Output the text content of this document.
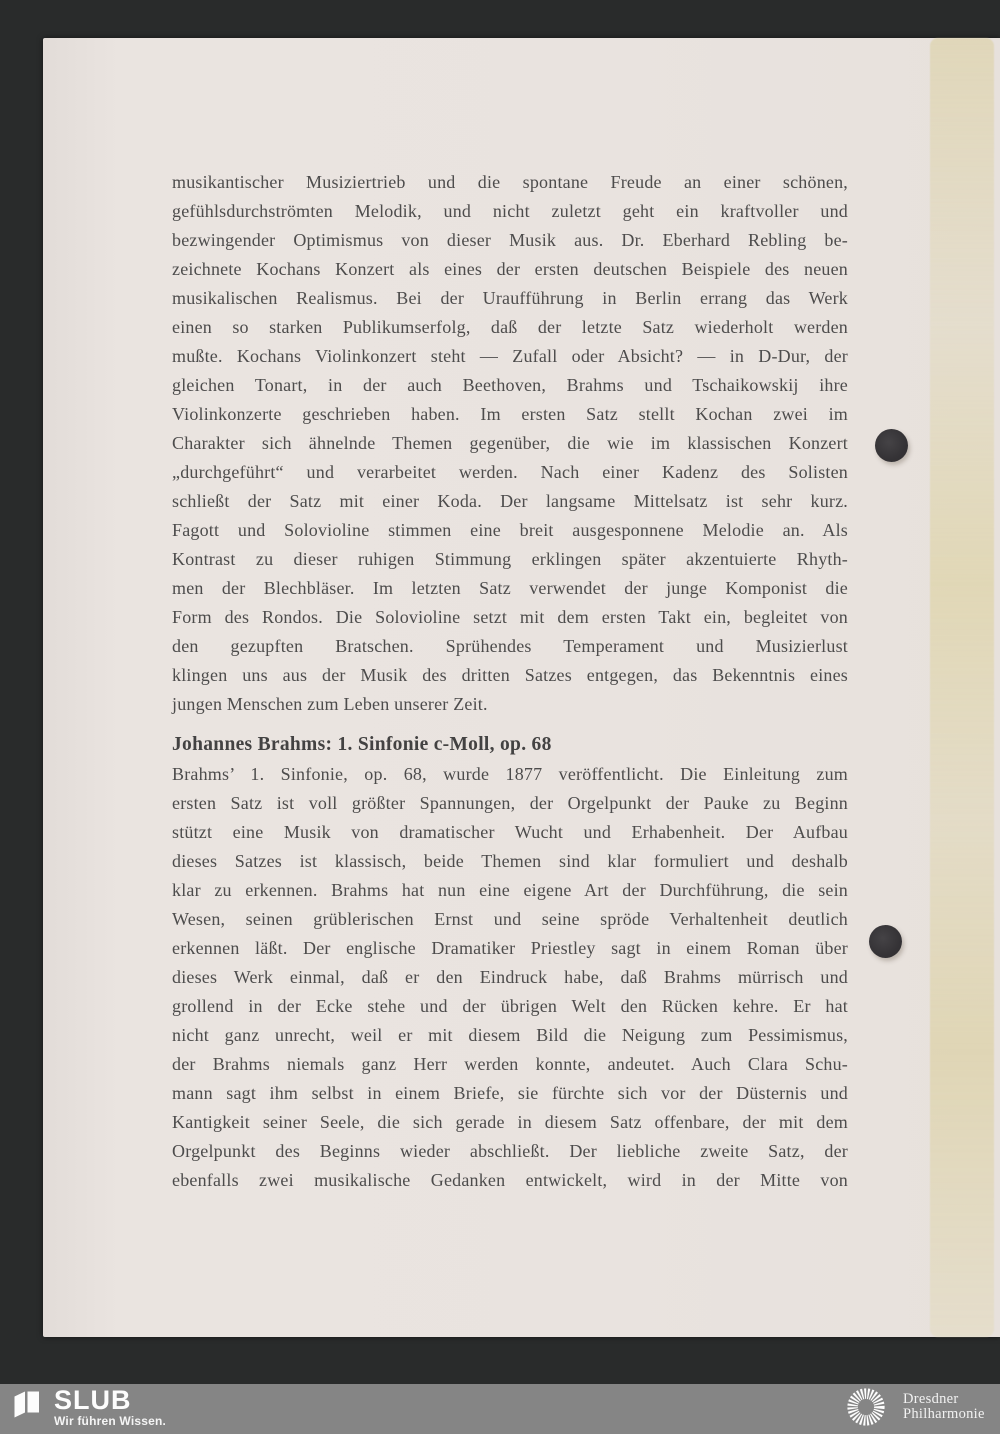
musikantischer Musiziertrieb und die spontane Freude an einer schönen,
gefühlsdurchströmten Melodik, und nicht zuletzt geht ein kraftvoller und
bezwingender Optimismus von dieser Musik aus. Dr. Eberhard Rebling be-
zeichnete Kochans Konzert als eines der ersten deutschen Beispiele des neuen
musikalischen Realismus. Bei der Uraufführung in Berlin errang das Werk
einen so starken Publikumserfolg, daß der letzte Satz wiederholt werden
mußte. Kochans Violinkonzert steht — Zufall oder Absicht? — in D-Dur, der
gleichen Tonart, in der auch Beethoven, Brahms und Tschaikowskij ihre
Violinkonzerte geschrieben haben. Im ersten Satz stellt Kochan zwei im
Charakter sich ähnelnde Themen gegenüber, die wie im klassischen Konzert
„durchgeführt“ und verarbeitet werden. Nach einer Kadenz des Solisten
schließt der Satz mit einer Koda. Der langsame Mittelsatz ist sehr kurz.
Fagott und Solovioline stimmen eine breit ausgesponnene Melodie an. Als
Kontrast zu dieser ruhigen Stimmung erklingen später akzentuierte Rhyth-
men der Blechbläser. Im letzten Satz verwendet der junge Komponist die
Form des Rondos. Die Solovioline setzt mit dem ersten Takt ein, begleitet von
den gezupften Bratschen. Sprühendes Temperament und Musizierlust
klingen uns aus der Musik des dritten Satzes entgegen, das Bekenntnis eines
jungen Menschen zum Leben unserer Zeit.
Johannes Brahms: 1. Sinfonie c-Moll, op. 68
Brahms’ 1. Sinfonie, op. 68, wurde 1877 veröffentlicht. Die Einleitung zum
ersten Satz ist voll größter Spannungen, der Orgelpunkt der Pauke zu Beginn
stützt eine Musik von dramatischer Wucht und Erhabenheit. Der Aufbau
dieses Satzes ist klassisch, beide Themen sind klar formuliert und deshalb
klar zu erkennen. Brahms hat nun eine eigene Art der Durchführung, die sein
Wesen, seinen grüblerischen Ernst und seine spröde Verhaltenheit deutlich
erkennen läßt. Der englische Dramatiker Priestley sagt in einem Roman über
dieses Werk einmal, daß er den Eindruck habe, daß Brahms mürrisch und
grollend in der Ecke stehe und der übrigen Welt den Rücken kehre. Er hat
nicht ganz unrecht, weil er mit diesem Bild die Neigung zum Pessimismus,
der Brahms niemals ganz Herr werden konnte, andeutet. Auch Clara Schu-
mann sagt ihm selbst in einem Briefe, sie fürchte sich vor der Düsternis und
Kantigkeit seiner Seele, die sich gerade in diesem Satz offenbare, der mit dem
Orgelpunkt des Beginns wieder abschließt. Der liebliche zweite Satz, der
ebenfalls zwei musikalische Gedanken entwickelt, wird in der Mitte von
SLUB
Wir führen Wissen.
Dresdner
Philharmonie
